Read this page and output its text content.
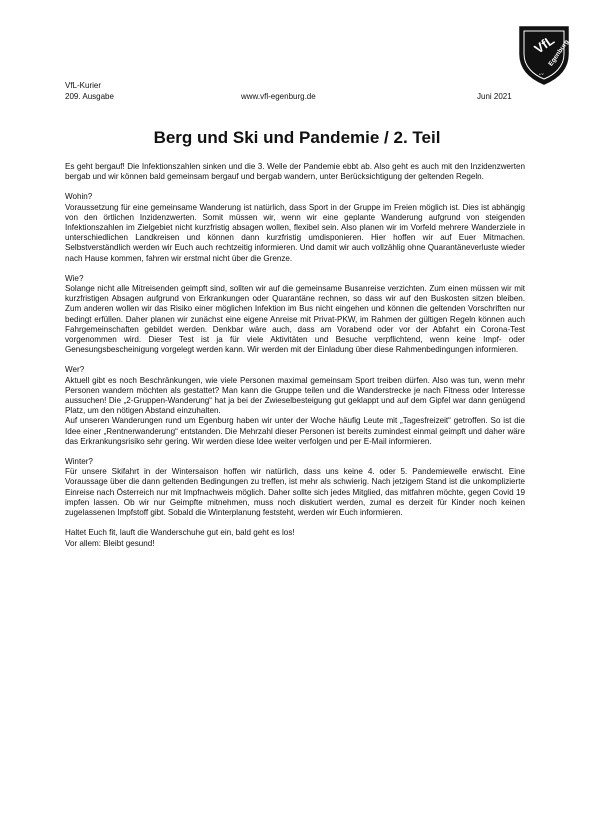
VfL
Egenburg
e.V.
VfL-Kurier
209. Ausgabe	www.vfl-egenburg.de	Juni 2021
Berg und Ski und Pandemie / 2. Teil

Es geht bergauf! Die Infektionszahlen sinken und die 3. Welle der Pandemie ebbt ab. Also geht es auch mit den Inzidenzwerten bergab und wir können bald gemeinsam bergauf und bergab wandern, unter Berücksichtigung der geltenden Regeln.

Wohin?
Voraussetzung für eine gemeinsame Wanderung ist natürlich, dass Sport in der Gruppe im Freien möglich ist. Dies ist abhängig von den örtlichen Inzidenzwerten. Somit müssen wir, wenn wir eine geplante Wanderung aufgrund von steigenden Infektionszahlen im Zielgebiet nicht kurzfristig absagen wollen, flexibel sein. Also planen wir im Vorfeld mehrere Wanderziele in unterschiedlichen Landkreisen und können dann kurzfristig umdisponieren. Hier hoffen wir auf Euer Mitmachen. Selbstverständlich werden wir Euch auch rechtzeitig informieren. Und damit wir auch vollzählig ohne Quarantäneverluste wieder nach Hause kommen, fahren wir erstmal nicht über die Grenze.

Wie?
Solange nicht alle Mitreisenden geimpft sind, sollten wir auf die gemeinsame Busanreise verzichten. Zum einen müssen wir mit kurzfristigen Absagen aufgrund von Erkrankungen oder Quarantäne rechnen, so dass wir auf den Buskosten sitzen bleiben. Zum anderen wollen wir das Risiko einer möglichen Infektion im Bus nicht eingehen und können die geltenden Vorschriften nur bedingt erfüllen. Daher planen wir zunächst eine eigene Anreise mit Privat-PKW, im Rahmen der gültigen Regeln können auch Fahrgemeinschaften gebildet werden. Denkbar wäre auch, dass am Vorabend oder vor der Abfahrt ein Corona-Test vorgenommen wird. Dieser Test ist ja für viele Aktivitäten und Besuche verpflichtend, wenn keine Impf- oder Genesungsbescheinigung vorgelegt werden kann. Wir werden mit der Einladung über diese Rahmenbedingungen informieren.

Wer?
Aktuell gibt es noch Beschränkungen, wie viele Personen maximal gemeinsam Sport treiben dürfen. Also was tun, wenn mehr Personen wandern möchten als gestattet? Man kann die Gruppe teilen und die Wanderstrecke je nach Fitness oder Interesse aussuchen! Die „2-Gruppen-Wanderung“ hat ja bei der Zwieselbesteigung gut geklappt und auf dem Gipfel war dann genügend Platz, um den nötigen Abstand einzuhalten.

Auf unseren Wanderungen rund um Egenburg haben wir unter der Woche häufig Leute mit „Tagesfreizeit“ getroffen. So ist die Idee einer „Rentnerwanderung“ entstanden. Die Mehrzahl dieser Personen ist bereits zumindest einmal geimpft und daher wäre das Erkrankungsrisiko sehr gering. Wir werden diese Idee weiter verfolgen und per E-Mail informieren.

Winter?
Für unsere Skifahrt in der Wintersaison hoffen wir natürlich, dass uns keine 4. oder 5. Pandemiewelle erwischt. Eine Voraussage über die dann geltenden Bedingungen zu treffen, ist mehr als schwierig. Nach jetzigem Stand ist die unkomplizierte Einreise nach Österreich nur mit Impfnachweis möglich. Daher sollte sich jedes Mitglied, das mitfahren möchte, gegen Covid 19 impfen lassen. Ob wir nur Geimpfte mitnehmen, muss noch diskutiert werden, zumal es derzeit für Kinder noch keinen zugelassenen Impfstoff gibt. Sobald die Winterplanung feststeht, werden wir Euch informieren.

Haltet Euch fit, lauft die Wanderschuhe gut ein, bald geht es los!

Vor allem: Bleibt gesund!
